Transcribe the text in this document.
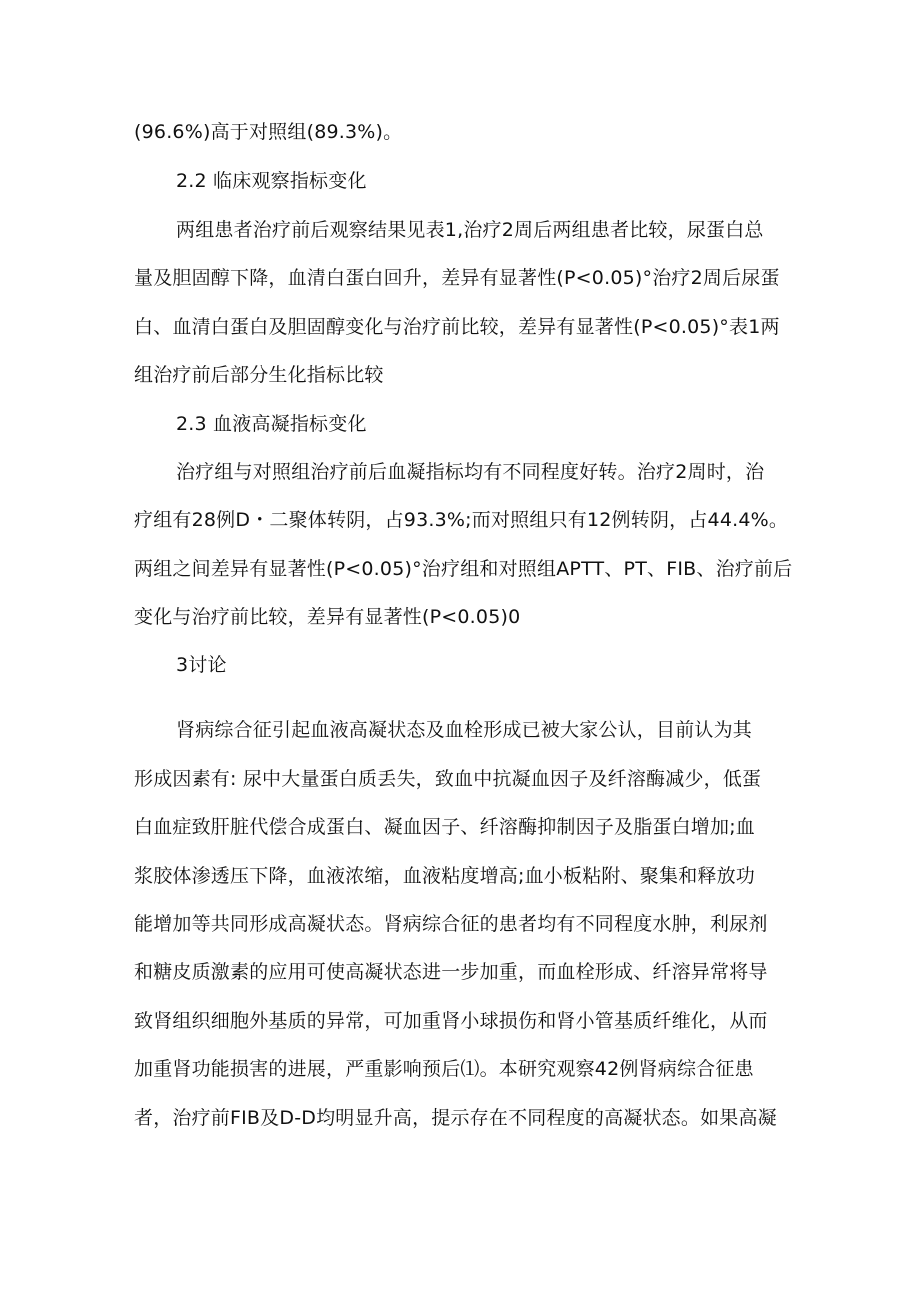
(96.6%)高于对照组(89.3%)。
2.2 临床观察指标变化
两组患者治疗前后观察结果见表1,治疗2周后两组患者比较，尿蛋白总
量及胆固醇下降，血清白蛋白回升，差异有显著性(P<0.05)°治疗2周后尿蛋
白、血清白蛋白及胆固醇变化与治疗前比较，差异有显著性(P<0.05)°表1两
组治疗前后部分生化指标比较
2.3 血液高凝指标变化
治疗组与对照组治疗前后血凝指标均有不同程度好转。治疗2周时，治
疗组有28例D・二聚体转阴，占93.3%;而对照组只有12例转阴，占44.4%。
两组之间差异有显著性(P<0.05)°治疗组和对照组APTT、PT、FIB、治疗前后
变化与治疗前比较，差异有显著性(P<0.05)0
3讨论
肾病综合征引起血液高凝状态及血栓形成已被大家公认，目前认为其
形成因素有: 尿中大量蛋白质丢失，致血中抗凝血因子及纤溶酶减少，低蛋
白血症致肝脏代偿合成蛋白、凝血因子、纤溶酶抑制因子及脂蛋白增加;血
浆胶体渗透压下降，血液浓缩，血液粘度增高;血小板粘附、聚集和释放功
能增加等共同形成高凝状态。肾病综合征的患者均有不同程度水肿，利尿剂
和糖皮质激素的应用可使高凝状态进一步加重，而血栓形成、纤溶异常将导
致肾组织细胞外基质的异常，可加重肾小球损伤和肾小管基质纤维化，从而
加重肾功能损害的进展，严重影响预后⑴。本研究观察42例肾病综合征患
者，治疗前FIB及D-D均明显升高，提示存在不同程度的高凝状态。如果高凝
